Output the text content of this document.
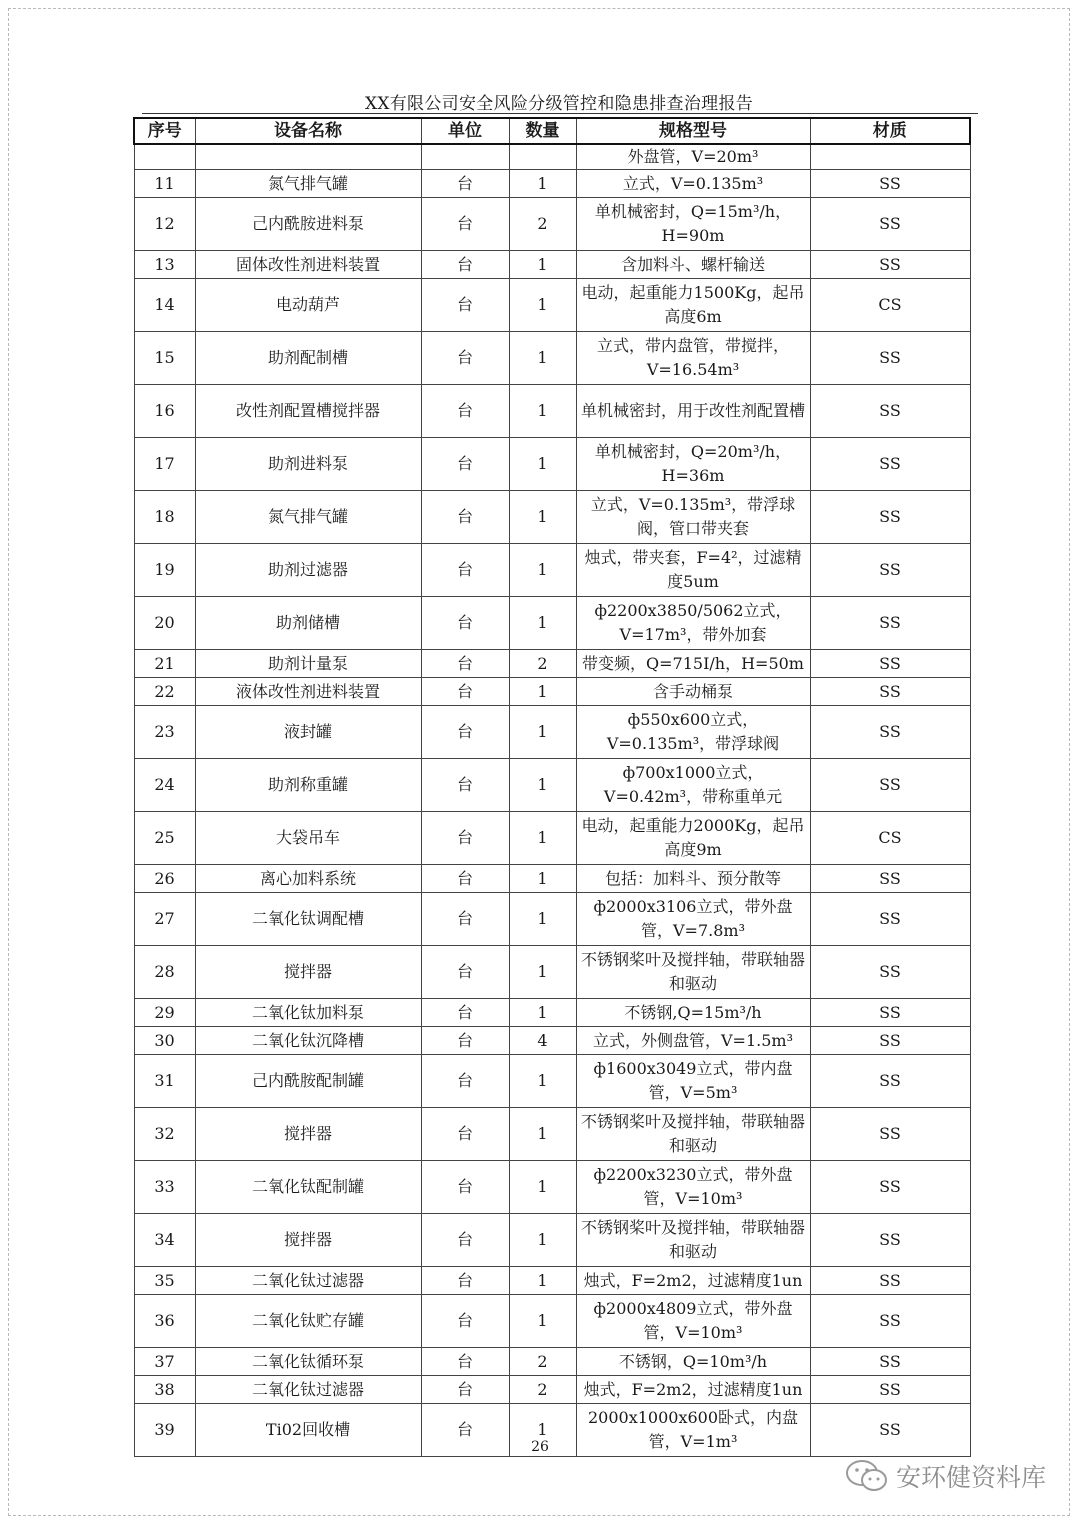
XX有限公司安全风险分级管控和隐患排查治理报告
序号	设备名称	单位	数量	规格型号	材质
				外盘管，V=20m³	
11	氮气排气罐	台	1	立式，V=0.135m³	SS
12	己内酰胺进料泵	台	2	单机械密封，Q=15m³/h，H=90m	SS
13	固体改性剂进料装置	台	1	含加料斗、螺杆输送	SS
14	电动葫芦	台	1	电动，起重能力1500Kg，起吊高度6m	CS
15	助剂配制槽	台	1	立式，带内盘管，带搅拌，V=16.54m³	SS
16	改性剂配置槽搅拌器	台	1	单机械密封，用于改性剂配置槽	SS
17	助剂进料泵	台	1	单机械密封，Q=20m³/h，H=36m	SS
18	氮气排气罐	台	1	立式，V=0.135m³，带浮球阀，管口带夹套	SS
19	助剂过滤器	台	1	烛式，带夹套，F=4²，过滤精度5um	SS
20	助剂储槽	台	1	ф2200x3850/5062立式，V=17m³，带外加套	SS
21	助剂计量泵	台	2	带变频，Q=715I/h，H=50m	SS
22	液体改性剂进料装置	台	1	含手动桶泵	SS
23	液封罐	台	1	ф550x600立式，V=0.135m³，带浮球阀	SS
24	助剂称重罐	台	1	ф700x1000立式，V=0.42m³，带称重单元	SS
25	大袋吊车	台	1	电动，起重能力2000Kg，起吊高度9m	CS
26	离心加料系统	台	1	包括：加料斗、预分散等	SS
27	二氧化钛调配槽	台	1	ф2000x3106立式，带外盘管，V=7.8m³	SS
28	搅拌器	台	1	不锈钢桨叶及搅拌轴，带联轴器和驱动	SS
29	二氧化钛加料泵	台	1	不锈钢,Q=15m³/h	SS
30	二氧化钛沉降槽	台	4	立式，外侧盘管，V=1.5m³	SS
31	己内酰胺配制罐	台	1	ф1600x3049立式，带内盘管，V=5m³	SS
32	搅拌器	台	1	不锈钢桨叶及搅拌轴，带联轴器和驱动	SS
33	二氧化钛配制罐	台	1	ф2200x3230立式，带外盘管，V=10m³	SS
34	搅拌器	台	1	不锈钢桨叶及搅拌轴，带联轴器和驱动	SS
35	二氧化钛过滤器	台	1	烛式，F=2m2，过滤精度1un	SS
36	二氧化钛贮存罐	台	1	ф2000x4809立式，带外盘管，V=10m³	SS
37	二氧化钛循环泵	台	2	不锈钢，Q=10m³/h	SS
38	二氧化钛过滤器	台	2	烛式，F=2m2，过滤精度1un	SS
39	Ti02回收槽	台	1	2000x1000x600卧式，内盘管，V=1m³	SS
26
安环健资料库
